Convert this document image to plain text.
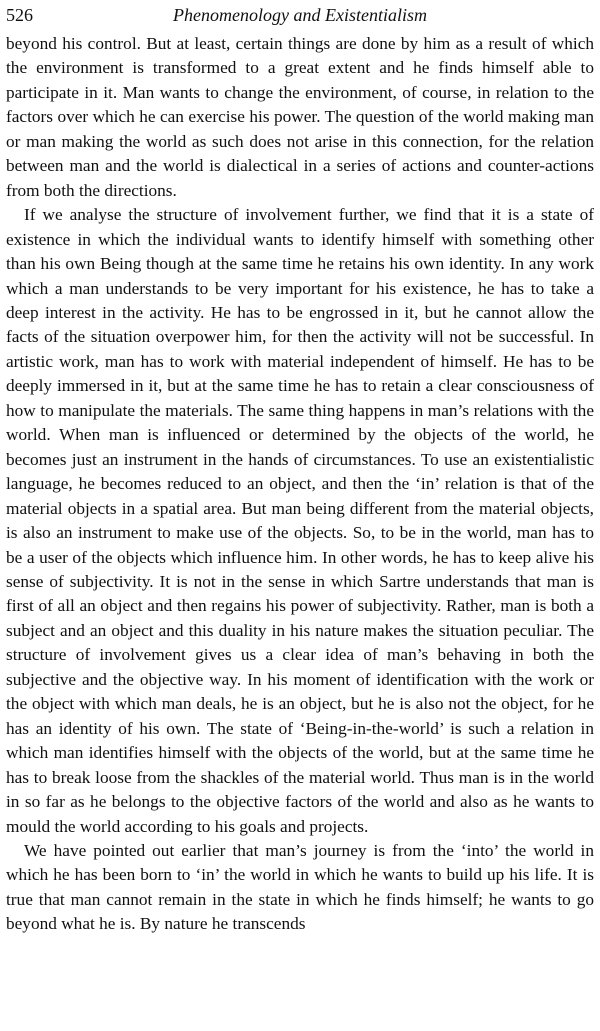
526	Phenomenology and Existentialism

beyond his control. But at least, certain things are done by him as a result of which the environment is transformed to a great extent and he finds himself able to participate in it. Man wants to change the environment, of course, in relation to the factors over which he can exercise his power. The question of the world making man or man making the world as such does not arise in this connection, for the relation between man and the world is dialectical in a series of actions and counter-actions from both the directions.

If we analyse the structure of involvement further, we find that it is a state of existence in which the individual wants to identify himself with something other than his own Being though at the same time he retains his own identity. In any work which a man understands to be very important for his existence, he has to take a deep interest in the activity. He has to be engrossed in it, but he cannot allow the facts of the situation overpower him, for then the activity will not be successful. In artistic work, man has to work with material independent of himself. He has to be deeply immersed in it, but at the same time he has to retain a clear consciousness of how to manipulate the materials. The same thing happens in man’s relations with the world. When man is influenced or determined by the objects of the world, he becomes just an instrument in the hands of circumstances. To use an existentialistic language, he becomes reduced to an object, and then the ‘in’ relation is that of the material objects in a spatial area. But man being different from the material objects, is also an instrument to make use of the objects. So, to be in the world, man has to be a user of the objects which influence him. In other words, he has to keep alive his sense of subjectivity. It is not in the sense in which Sartre understands that man is first of all an object and then regains his power of subjectivity. Rather, man is both a subject and an object and this duality in his nature makes the situation peculiar. The structure of involvement gives us a clear idea of man’s behaving in both the subjective and the objective way. In his moment of identification with the work or the object with which man deals, he is an object, but he is also not the object, for he has an identity of his own. The state of ‘Being-in-the-world’ is such a relation in which man identifies himself with the objects of the world, but at the same time he has to break loose from the shackles of the material world. Thus man is in the world in so far as he belongs to the objective factors of the world and also as he wants to mould the world according to his goals and projects.

We have pointed out earlier that man’s journey is from the ‘into’ the world in which he has been born to ‘in’ the world in which he wants to build up his life. It is true that man cannot remain in the state in which he finds himself; he wants to go beyond what he is. By nature he transcends
